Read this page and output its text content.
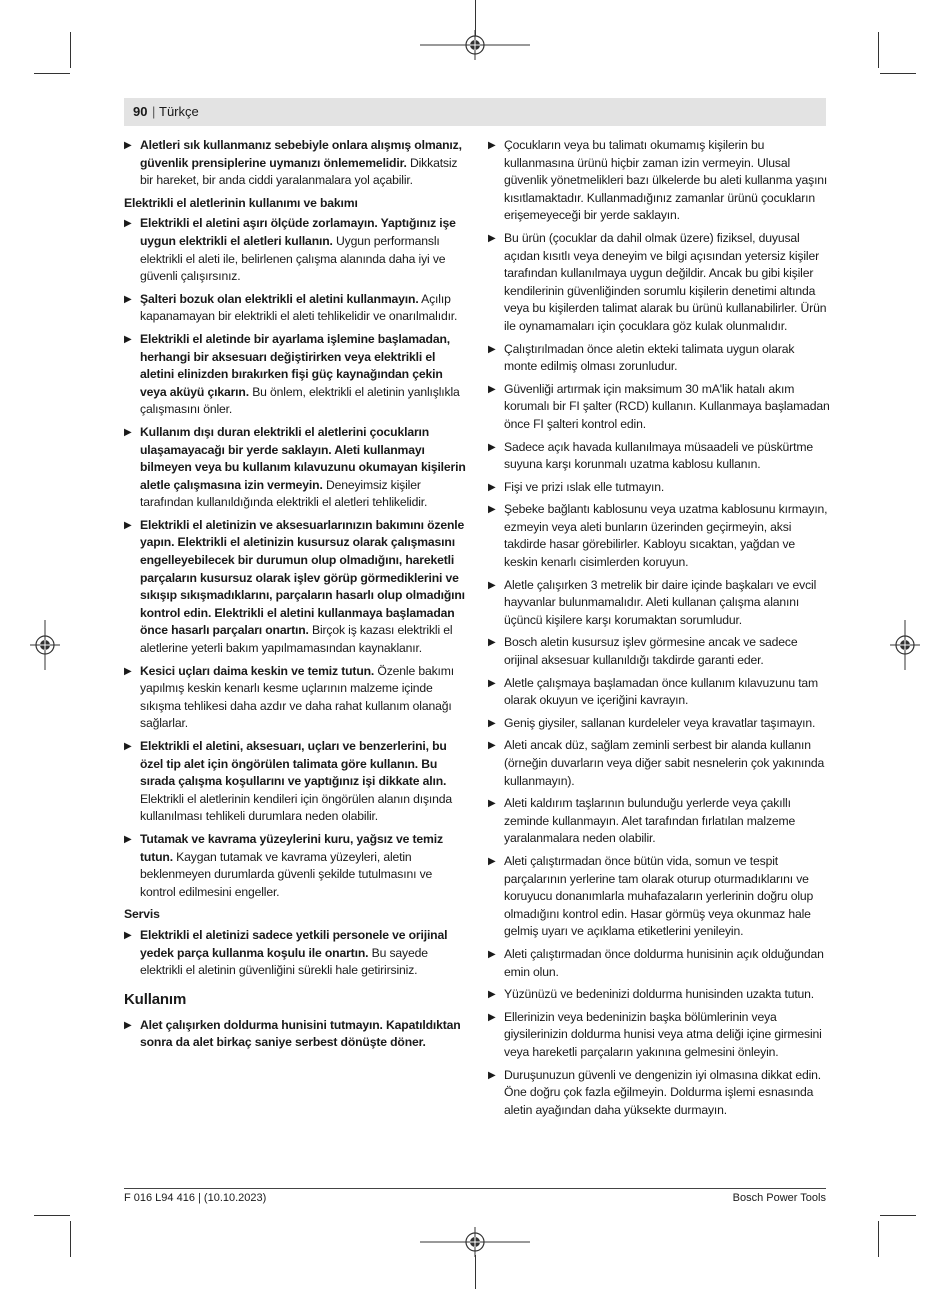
90 | Türkçe
▶ Aletleri sık kullanmanız sebebiyle onlara alışmış olmanız, güvenlik prensiplerine uymanızı önlememelidir. Dikkatsiz bir hareket, bir anda ciddi yaralanmalara yol açabilir.
Elektrikli el aletlerinin kullanımı ve bakımı
▶ Elektrikli el aletini aşırı ölçüde zorlamayın. Yaptığınız işe uygun elektrikli el aletleri kullanın. Uygun performanslı elektrikli el aleti ile, belirlenen çalışma alanında daha iyi ve güvenli çalışırsınız.
▶ Şalteri bozuk olan elektrikli el aletini kullanmayın. Açılıp kapanamayan bir elektrikli el aleti tehlikelidir ve onarılmalıdır.
▶ Elektrikli el aletinde bir ayarlama işlemine başlamadan, herhangi bir aksesuarı değiştirirken veya elektrikli el aletini elinizden bırakırken fişi güç kaynağından çekin veya aküyü çıkarın. Bu önlem, elektrikli el aletinin yanlışlıkla çalışmasını önler.
▶ Kullanım dışı duran elektrikli el aletlerini çocukların ulaşamayacağı bir yerde saklayın. Aleti kullanmayı bilmeyen veya bu kullanım kılavuzunu okumayan kişilerin aletle çalışmasına izin vermeyin. Deneyimsiz kişiler tarafından kullanıldığında elektrikli el aletleri tehlikelidir.
▶ Elektrikli el aletinizin ve aksesuarlarınızın bakımını özenle yapın. Elektrikli el aletinizin kusursuz olarak çalışmasını engelleyebilecek bir durumun olup olmadığını, hareketli parçaların kusursuz olarak işlev görüp görmediklerini ve sıkışıp sıkışmadıklarını, parçaların hasarlı olup olmadığını kontrol edin. Elektrikli el aletini kullanmaya başlamadan önce hasarlı parçaları onartın. Birçok iş kazası elektrikli el aletlerine yeterli bakım yapılmamasından kaynaklanır.
▶ Kesici uçları daima keskin ve temiz tutun. Özenle bakımı yapılmış keskin kenarlı kesme uçlarının malzeme içinde sıkışma tehlikesi daha azdır ve daha rahat kullanım olanağı sağlarlar.
▶ Elektrikli el aletini, aksesuarı, uçları ve benzerlerini, bu özel tip alet için öngörülen talimata göre kullanın. Bu sırada çalışma koşullarını ve yaptığınız işi dikkate alın. Elektrikli el aletlerinin kendileri için öngörülen alanın dışında kullanılması tehlikeli durumlara neden olabilir.
▶ Tutamak ve kavrama yüzeylerini kuru, yağsız ve temiz tutun. Kaygan tutamak ve kavrama yüzeyleri, aletin beklenmeyen durumlarda güvenli şekilde tutulmasını ve kontrol edilmesini engeller.
Servis
▶ Elektrikli el aletinizi sadece yetkili personele ve orijinal yedek parça kullanma koşulu ile onartın. Bu sayede elektrikli el aletinin güvenliğini sürekli hale getirirsiniz.
Kullanım
▶ Alet çalışırken doldurma hunisini tutmayın. Kapatıldıktan sonra da alet birkaç saniye serbest dönüşte döner.
▶ Çocukların veya bu talimatı okumamış kişilerin bu kullanmasına ürünü hiçbir zaman izin vermeyin. Ulusal güvenlik yönetmelikleri bazı ülkelerde bu aleti kullanma yaşını kısıtlamaktadır. Kullanmadığınız zamanlar ürünü çocukların erişemeyeceği bir yerde saklayın.
▶ Bu ürün (çocuklar da dahil olmak üzere) fiziksel, duyusal açıdan kısıtlı veya deneyim ve bilgi açısından yetersiz kişiler tarafından kullanılmaya uygun değildir. Ancak bu gibi kişiler kendilerinin güvenliğinden sorumlu kişilerin denetimi altında veya bu kişilerden talimat alarak bu ürünü kullanabilirler. Ürün ile oynamamaları için çocuklara göz kulak olunmalıdır.
▶ Çalıştırılmadan önce aletin ekteki talimata uygun olarak monte edilmiş olması zorunludur.
▶ Güvenliği artırmak için maksimum 30 mA'lik hatalı akım korumalı bir FI şalter (RCD) kullanın. Kullanmaya başlamadan önce FI şalteri kontrol edin.
▶ Sadece açık havada kullanılmaya müsaadeli ve püskürtme suyuna karşı korunmalı uzatma kablosu kullanın.
▶ Fişi ve prizi ıslak elle tutmayın.
▶ Şebeke bağlantı kablosunu veya uzatma kablosunu kırmayın, ezmeyin veya aleti bunların üzerinden geçirmeyin, aksi takdirde hasar görebilirler. Kabloyu sıcaktan, yağdan ve keskin kenarlı cisimlerden koruyun.
▶ Aletle çalışırken 3 metrelik bir daire içinde başkaları ve evcil hayvanlar bulunmamalıdır. Aleti kullanan çalışma alanını üçüncü kişilere karşı korumaktan sorumludur.
▶ Bosch aletin kusursuz işlev görmesine ancak ve sadece orijinal aksesuar kullanıldığı takdirde garanti eder.
▶ Aletle çalışmaya başlamadan önce kullanım kılavuzunu tam olarak okuyun ve içeriğini kavrayın.
▶ Geniş giysiler, sallanan kurdeleler veya kravatlar taşımayın.
▶ Aleti ancak düz, sağlam zeminli serbest bir alanda kullanın (örneğin duvarların veya diğer sabit nesnelerin çok yakınında kullanmayın).
▶ Aleti kaldırım taşlarının bulunduğu yerlerde veya çakıllı zeminde kullanmayın. Alet tarafından fırlatılan malzeme yaralanmalara neden olabilir.
▶ Aleti çalıştırmadan önce bütün vida, somun ve tespit parçalarının yerlerine tam olarak oturup oturmadıklarını ve koruyucu donanımlarla muhafazaların yerlerinin doğru olup olmadığını kontrol edin. Hasar görmüş veya okunmaz hale gelmiş uyarı ve açıklama etiketlerini yenileyin.
▶ Aleti çalıştırmadan önce doldurma hunisinin açık olduğundan emin olun.
▶ Yüzünüzü ve bedeninizi doldurma hunisinden uzakta tutun.
▶ Ellerinizin veya bedeninizin başka bölümlerinin veya giysilerinizin doldurma hunisi veya atma deliği içine girmesini veya hareketli parçaların yakınına gelmesini önleyin.
▶ Duruşunuzun güvenli ve dengenizin iyi olmasına dikkat edin. Öne doğru çok fazla eğilmeyin. Doldurma işlemi esnasında aletin ayağından daha yüksekte durmayın.
F 016 L94 416 | (10.10.2023)	Bosch Power Tools
